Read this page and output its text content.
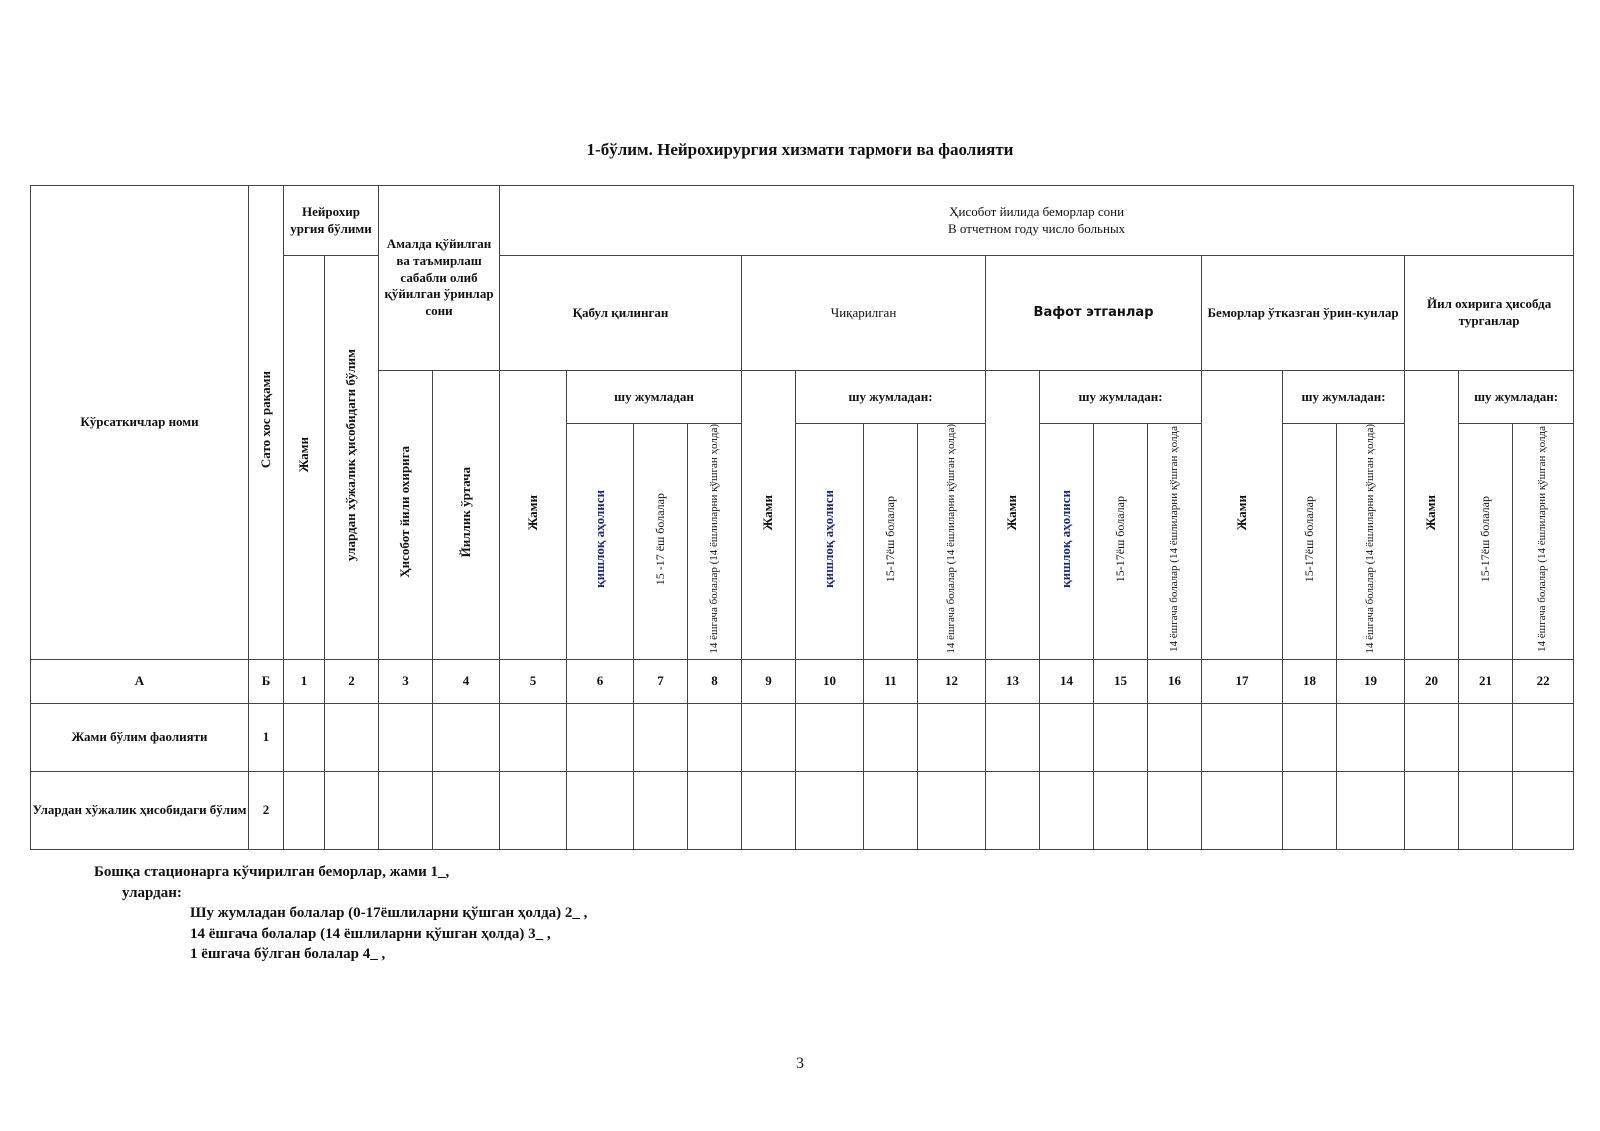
1-бўлим. Нейрохирургия хизмати тармоғи ва фаолияти
Кўрсаткичлар номи	Сато хос рақами	Нейрохир ургия бўлими		Амалда қўйилган ва таъмирлаш сабабли олиб қўйилган ўринлар сони		Ҳисобот йилида беморлар сони
В отчетном году число больных																	

		Жами	улардан хўжалик ҳисобидаги бўлим			Қабул қилинган				Чиқарилган				Вафот этганлар				Беморлар ўтказган ўрин-кунлар			Йил охирига ҳисобда турганлар		
				Ҳисобот йили охирига	Йиллик ўртача	Жами	шу жумладан			Жами	шу жумладан:			Жами	шу жумладан:			Жами	шу жумладан:		Жами	шу жумладан:	
							қишлоқ аҳолиси	15 -17 ёш болалар	14 ёшгача болалар (14 ёшлиларни қўшган ҳолда)		қишлоқ аҳолиси	15-17ёш болалар	14 ёшгача болалар (14 ёшлиларни қўшган ҳолда)		қишлоқ аҳолиси	15-17ёш болалар	14 ёшгача болалар (14 ёшлиларни қўшган ҳолда		15-17ёш болалар	14 ёшгача болалар (14 ёшлиларни қўшган ҳолда)		15-17ёш болалар	14 ёшгача болалар (14 ёшлиларни қўшган ҳолда
А	Б	1	2	3	4	5	6	7	8	9	10	11	12	13	14	15	16	17	18	19	20	21	22
Жами бўлим фаолияти	1																						
Улардан хўжалик ҳисобидаги бўлим	2																						
Бошқа стационарга кўчирилган беморлар, жами 1_,
улардан:
Шу жумладан болалар (0-17ёшлиларни қўшган ҳолда) 2_ ,
14 ёшгача болалар (14 ёшлиларни қўшган ҳолда) 3_ ,
1 ёшгача бўлган болалар 4_ ,
3
